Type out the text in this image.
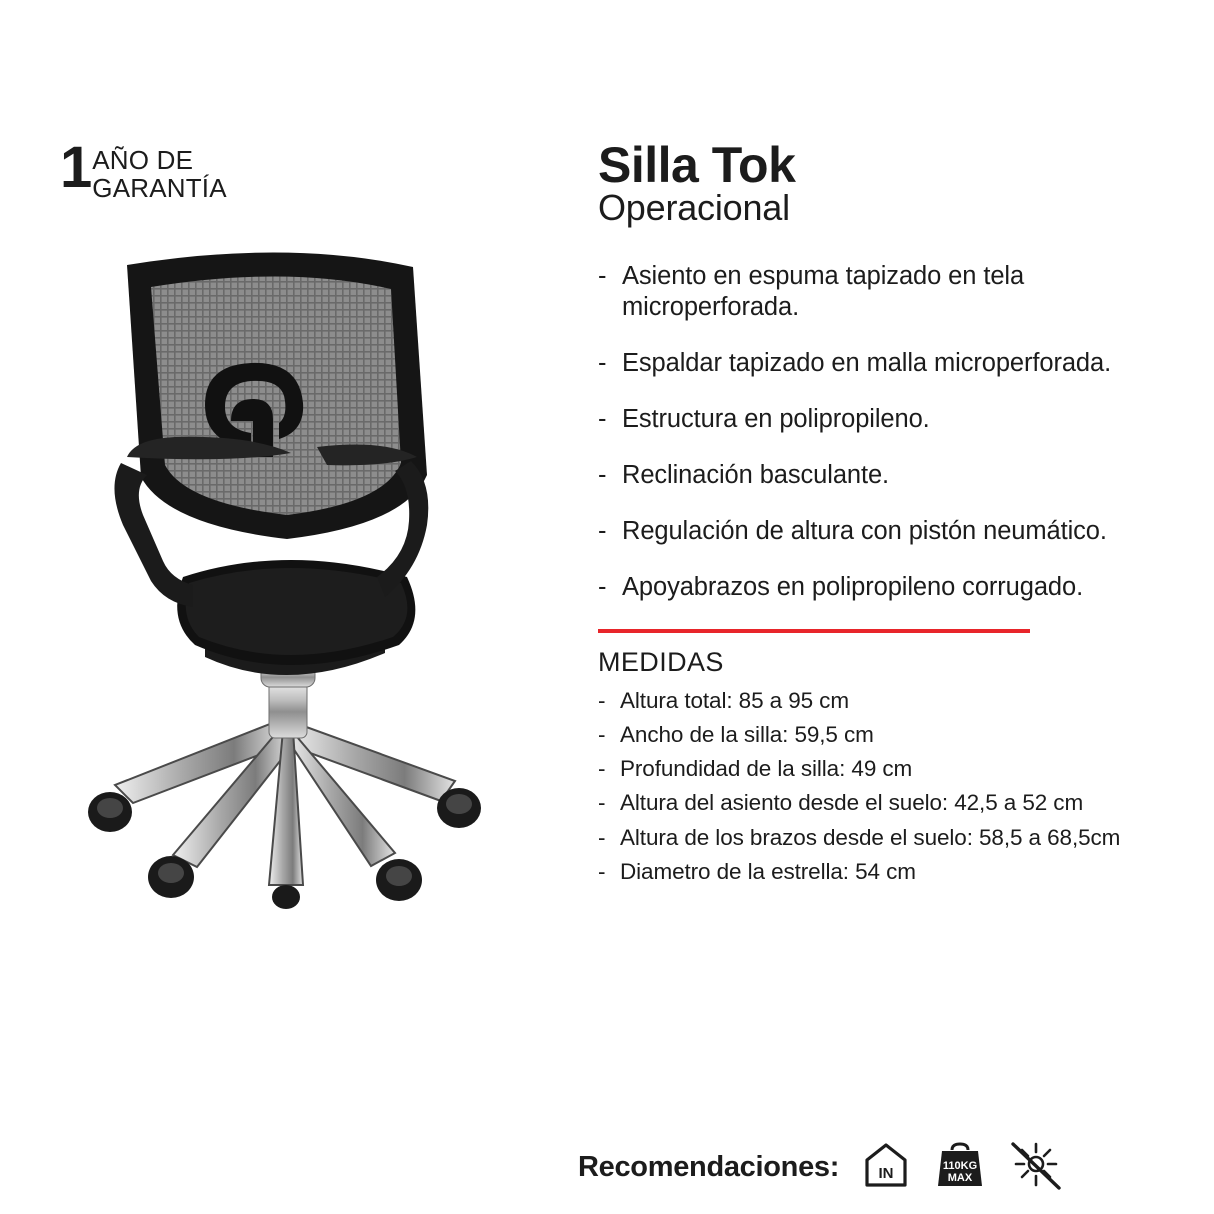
1 AÑO DE
GARANTÍA	Silla Tok
Operacional
- Asiento en espuma tapizado en tela microperforada.
- Espaldar tapizado en malla microperforada.
- Estructura en polipropileno.
- Reclinación basculante.
- Regulación de altura con pistón neumático.
- Apoyabrazos en polipropileno corrugado.
MEDIDAS
- Altura total: 85 a 95 cm
- Ancho de la silla: 59,5 cm
- Profundidad de la silla: 49 cm
- Altura del asiento desde el suelo: 42,5 a 52 cm
- Altura de los brazos desde el suelo: 58,5 a 68,5cm
- Diametro de la estrella: 54 cm
Recomendaciones:	IN	110KG
MAX
